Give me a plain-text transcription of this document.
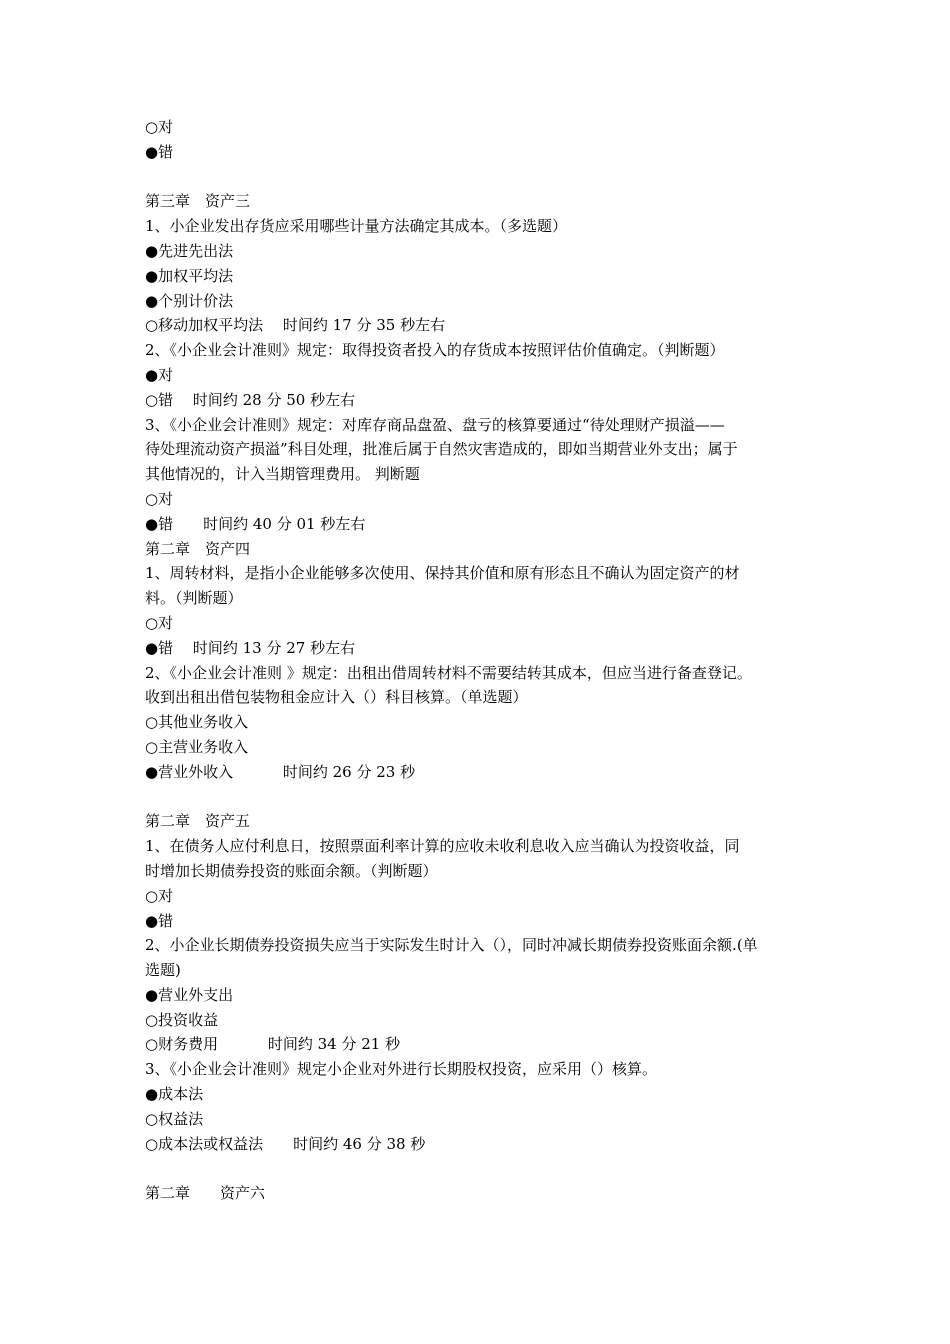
○对
●错
第三章　资产三
1、小企业发出存货应采用哪些计量方法确定其成本。（多选题）
●先进先出法
●加权平均法
●个别计价法
○移动加权平均法　 时间约 17 分 35 秒左右
2、《小企业会计准则》规定：取得投资者投入的存货成本按照评估价值确定。（判断题）
●对
○错　 时间约 28 分 50 秒左右
3、《小企业会计准则》规定：对库存商品盘盈、盘亏的核算要通过“待处理财产损溢——
待处理流动资产损溢”科目处理，批准后属于自然灾害造成的，即如当期营业外支出；属于
其他情况的，计入当期管理费用。 判断题
○对
●错　　时间约 40 分 01 秒左右
第二章　资产四
1、周转材料，是指小企业能够多次使用、保持其价值和原有形态且不确认为固定资产的材
料。（判断题）
○对
●错　 时间约 13 分 27 秒左右
2、《小企业会计准则 》规定：出租出借周转材料不需要结转其成本，但应当进行备查登记。
收到出租出借包装物租金应计入（）科目核算。（单选题）
○其他业务收入
○主营业务收入
●营业外收入　　　 时间约 26 分 23 秒
第二章　资产五
1、在债务人应付利息日，按照票面利率计算的应收未收利息收入应当确认为投资收益，同
时增加长期债券投资的账面余额。（判断题）
○对
●错
2、小企业长期债券投资损失应当于实际发生时计入（），同时冲减长期债券投资账面余额.(单
选题)
●营业外支出
○投资收益
○财务费用　　　 时间约 34 分 21 秒
3、《小企业会计准则》规定小企业对外进行长期股权投资，应采用（）核算。
●成本法
○权益法
○成本法或权益法　　时间约 46 分 38 秒
第二章　　资产六
